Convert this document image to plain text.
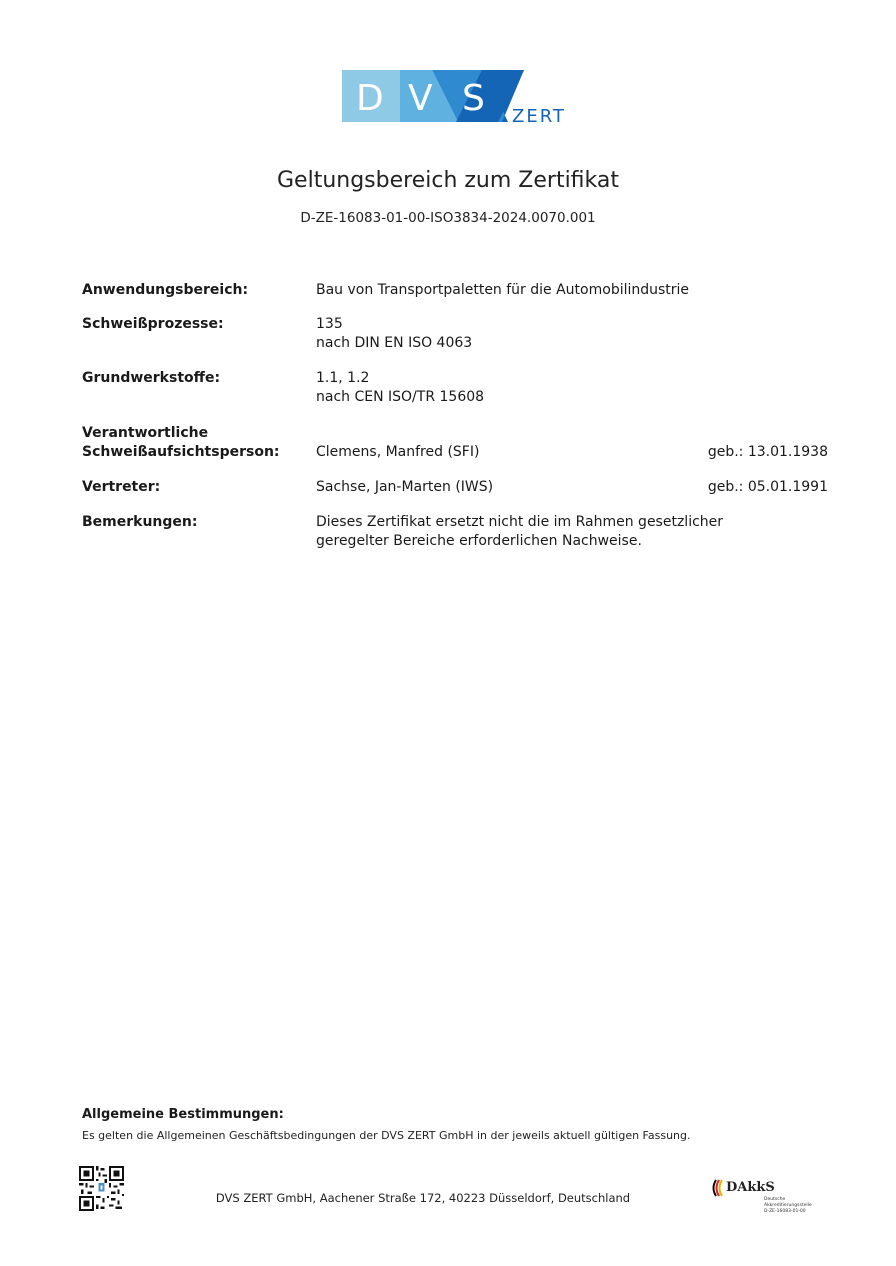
D V S ZERT
Geltungsbereich zum Zertifikat
D-ZE-16083-01-00-ISO3834-2024.0070.001
Anwendungsbereich:	Bau von Transportpaletten für die Automobilindustrie
Schweißprozesse:	135
nach DIN EN ISO 4063
Grundwerkstoffe:	1.1, 1.2
nach CEN ISO/TR 15608
Verantwortliche
Schweißaufsichtsperson:	Clemens, Manfred (SFI)	geb.: 13.01.1938
Vertreter:	Sachse, Jan-Marten (IWS)	geb.: 05.01.1991
Bemerkungen:	Dieses Zertifikat ersetzt nicht die im Rahmen gesetzlicher
geregelter Bereiche erforderlichen Nachweise.
Allgemeine Bestimmungen:
Es gelten die Allgemeinen Geschäftsbedingungen der DVS ZERT GmbH in der jeweils aktuell gültigen Fassung.
DVS ZERT GmbH, Aachener Straße 172, 40223 Düsseldorf, Deutschland
DAkkS
Deutsche
Akkreditierungsstelle
D-ZE-16083-01-00
